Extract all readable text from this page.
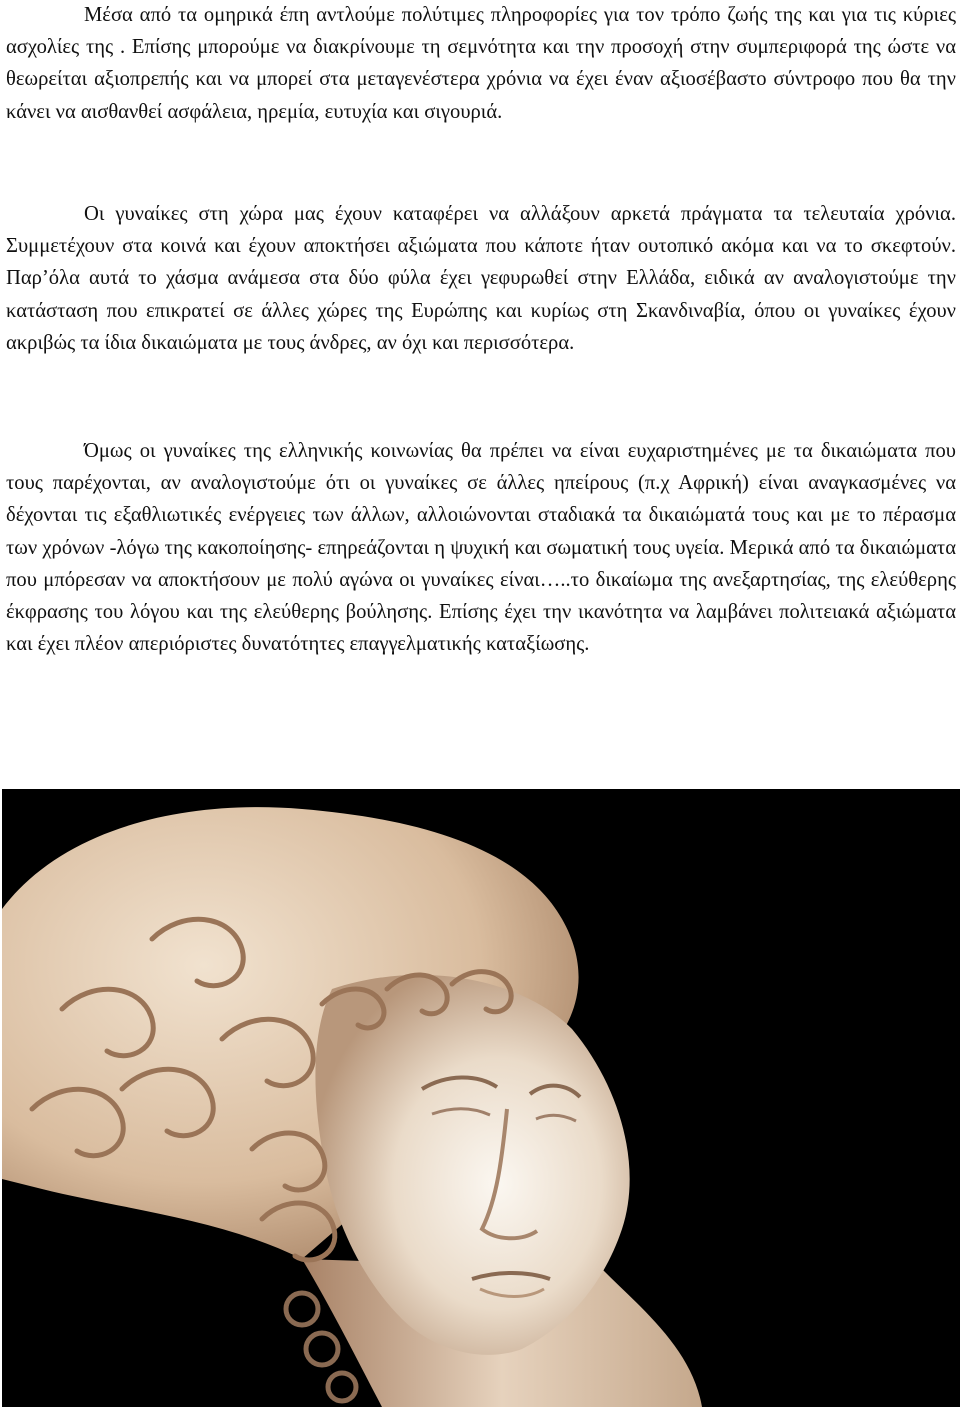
Μέσα από τα ομηρικά έπη αντλούμε πολύτιμες πληροφορίες για τον τρόπο ζωής της και για τις κύριες ασχολίες της . Επίσης μπορούμε να διακρίνουμε τη σεμνότητα και την προσοχή στην συμπεριφορά της ώστε να θεωρείται αξιοπρεπής και να μπορεί στα μεταγενέστερα χρόνια να έχει έναν αξιοσέβαστο σύντροφο που θα την κάνει να αισθανθεί ασφάλεια, ηρεμία, ευτυχία και σιγουριά.

Οι γυναίκες στη χώρα μας έχουν καταφέρει να αλλάξουν αρκετά πράγματα τα τελευταία χρόνια. Συμμετέχουν στα κοινά και έχουν αποκτήσει αξιώματα που κάποτε ήταν ουτοπικό ακόμα και να το σκεφτούν. Παρ’όλα αυτά το χάσμα ανάμεσα στα δύο φύλα έχει γεφυρωθεί στην Ελλάδα, ειδικά αν αναλογιστούμε την κατάσταση που επικρατεί σε άλλες χώρες της Ευρώπης και κυρίως στη Σκανδιναβία, όπου οι γυναίκες έχουν ακριβώς τα ίδια δικαιώματα με τους άνδρες, αν όχι και περισσότερα.

Όμως οι γυναίκες της ελληνικής κοινωνίας θα πρέπει να είναι ευχαριστημένες με τα δικαιώματα που τους παρέχονται, αν αναλογιστούμε ότι οι γυναίκες σε άλλες ηπείρους (π.χ Αφρική) είναι αναγκασμένες να δέχονται τις εξαθλιωτικές ενέργειες των άλλων, αλλοιώνονται σταδιακά τα δικαιώματά τους και με το πέρασμα των χρόνων -λόγω της κακοποίησης- επηρεάζονται η ψυχική και σωματική τους υγεία. Μερικά από τα δικαιώματα που μπόρεσαν να αποκτήσουν με πολύ αγώνα οι γυναίκες είναι…..το δικαίωμα της ανεξαρτησίας, της ελεύθερης έκφρασης του λόγου και της ελεύθερης βούλησης. Επίσης έχει την ικανότητα να λαμβάνει πολιτειακά αξιώματα και έχει πλέον απεριόριστες δυνατότητες επαγγελματικής καταξίωσης.
